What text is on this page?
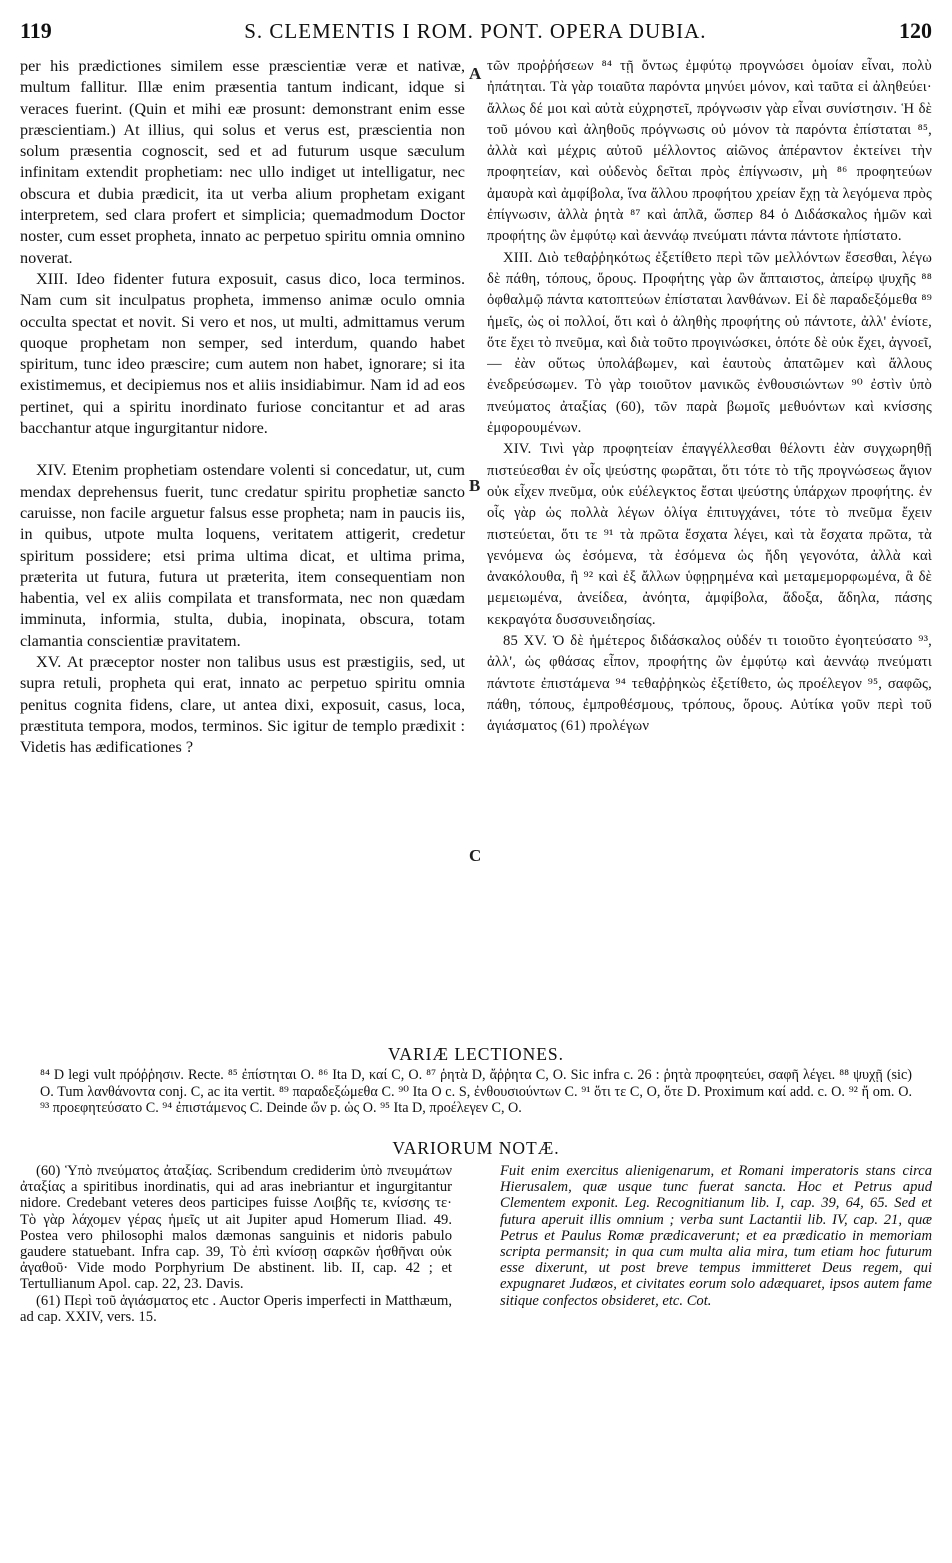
119	S. CLEMENTIS I ROM. PONT. OPERA DUBIA.	120

per his prædictiones similem esse præscientiæ veræ et nativæ, multum fallitur. Illæ enim præsentia tantum indicant, idque si veraces fuerint. (Quin et mihi eæ prosunt: demonstrant enim esse præscientiam.) At illius, qui solus et verus est, præscientia non solum præsentia cognoscit, sed et ad futurum usque sæculum infinitam extendit prophetiam: nec ullo indiget ut intelligatur, nec obscura et dubia prædicit, ita ut verba alium prophetam exigant interpretem, sed clara profert et simplicia; quemadmodum Doctor noster, cum esset propheta, innato ac perpetuo spiritu omnia omnino noverat.

XIII. Ideo fidenter futura exposuit, casus dico, loca terminos. Nam cum sit inculpatus propheta, immenso animæ oculo omnia occulta spectat et novit. Si vero et nos, ut multi, admittamus verum quoque prophetam non semper, sed interdum, quando habet spiritum, tunc ideo præscire; cum autem non habet, ignorare; si ita existimemus, et decipiemus nos et aliis insidiabimur. Nam id ad eos pertinet, qui a spiritu inordinato furiose concitantur et ad aras bacchantur atque ingurgitantur nidore.

XIV. Etenim prophetiam ostendare volenti si concedatur, ut, cum mendax deprehensus fuerit, tunc credatur spiritu prophetiæ sancto caruisse, non facile arguetur falsus esse propheta; nam in paucis iis, in quibus, utpote multa loquens, veritatem attigerit, credetur spiritum possidere; etsi prima ultima dicat, et ultima prima, præterita ut futura, futura ut præterita, item consequentiam non habentia, vel ex aliis compilata et transformata, nec non quædam imminuta, informia, stulta, dubia, inopinata, obscura, totam clamantia conscientiæ pravitatem.

XV. At præceptor noster non talibus usus est præstigiis, sed, ut supra retuli, propheta qui erat, innato ac perpetuo spiritu omnia penitus cognita fidens, clare, ut antea dixi, exposuit, casus, loca, præstituta tempora, modos, terminos. Sic igitur de templo prædixit : Videtis has ædificationes ?

A
B
C

τῶν προῤῥήσεων ⁸⁴ τῇ ὄντως ἐμφύτῳ προγνώσει ὁμοίαν εἶναι, πολὺ ἠπάτηται. Τὰ γὰρ τοιαῦτα παρόντα μηνύει μόνον, καὶ ταῦτα εἰ ἀληθεύει· ἄλλως δέ μοι καὶ αὐτὰ εὐχρηστεῖ, πρόγνωσιν γὰρ εἶναι συνίστησιν. Ἡ δὲ τοῦ μόνου καὶ ἀληθοῦς πρόγνωσις οὐ μόνον τὰ παρόντα ἐπίσταται ⁸⁵, ἀλλὰ καὶ μέχρις αὐτοῦ μέλλοντος αἰῶνος ἀπέραντον ἐκτείνει τὴν προφητείαν, καὶ οὐδενὸς δεῖται πρὸς ἐπίγνωσιν, μὴ ⁸⁶ προφητεύων ἀμαυρὰ καὶ ἀμφίβολα, ἵνα ἄλλου προφήτου χρείαν ἔχῃ τὰ λεγόμενα πρὸς ἐπίγνωσιν, ἀλλὰ ῥητὰ ⁸⁷ καὶ ἁπλᾶ, ὥσπερ 84 ὁ Διδάσκαλος ἡμῶν καὶ προφήτης ὢν ἐμφύτῳ καὶ ἀεννάῳ πνεύματι πάντα πάντοτε ἠπίστατο.

XIII. Διὸ τεθαῤῥηκότως ἐξετίθετο περὶ τῶν μελλόντων ἔσεσθαι, λέγω δὲ πάθη, τόπους, ὅρους. Προφήτης γὰρ ὢν ἄπταιστος, ἀπείρῳ ψυχῆς ⁸⁸ ὀφθαλμῷ πάντα κατοπτεύων ἐπίσταται λανθάνων. Εἰ δὲ παραδεξόμεθα ⁸⁹ ἡμεῖς, ὡς οἱ πολλοί, ὅτι καὶ ὁ ἀληθὴς προφήτης οὐ πάντοτε, ἀλλ' ἐνίοτε, ὅτε ἔχει τὸ πνεῦμα, καὶ διὰ τοῦτο προγινώσκει, ὁπότε δὲ οὐκ ἔχει, ἀγνοεῖ, — ἐὰν οὕτως ὑπολάβωμεν, καὶ ἑαυτοὺς ἀπατῶμεν καὶ ἄλλους ἐνεδρεύσωμεν. Τὸ γὰρ τοιοῦτον μανικῶς ἐνθουσιώντων ⁹⁰ ἐστὶν ὑπὸ πνεύματος ἀταξίας (60), τῶν παρὰ βωμοῖς μεθυόντων καὶ κνίσσης ἐμφορουμένων.

XIV. Τινὶ γὰρ προφητείαν ἐπαγγέλλεσθαι θέλοντι ἐὰν συγχωρηθῇ πιστεύεσθαι ἐν οἷς ψεύστης φωρᾶται, ὅτι τότε τὸ τῆς προγνώσεως ἅγιον οὐκ εἶχεν πνεῦμα, οὐκ εὐέλεγκτος ἔσται ψεύστης ὑπάρχων προφήτης. ἐν οἷς γὰρ ὡς πολλὰ λέγων ὀλίγα ἐπιτυγχάνει, τότε τὸ πνεῦμα ἔχειν πιστεύεται, ὅτι τε ⁹¹ τὰ πρῶτα ἔσχατα λέγει, καὶ τὰ ἔσχατα πρῶτα, τὰ γενόμενα ὡς ἐσόμενα, τὰ ἐσόμενα ὡς ἤδη γεγονότα, ἀλλὰ καὶ ἀνακόλουθα, ἢ ⁹² καὶ ἐξ ἄλλων ὑφῃρημένα καὶ μεταμεμορφωμένα, ἃ δὲ μεμειωμένα, ἀνείδεα, ἀνόητα, ἀμφίβολα, ἄδοξα, ἄδηλα, πάσης κεκραγότα δυσσυνειδησίας.

85 XV. Ὁ δὲ ἡμέτερος διδάσκαλος οὐδέν τι τοιοῦτο ἐγοητεύσατο ⁹³, ἀλλ', ὡς φθάσας εἶπον, προφήτης ὢν ἐμφύτῳ καὶ ἀεννάῳ πνεύματι πάντοτε ἐπιστάμενα ⁹⁴ τεθαῤῥηκὼς ἐξετίθετο, ὡς προέλεγον ⁹⁵, σαφῶς, πάθη, τόπους, ἐμπροθέσμους, τρόπους, ὅρους. Αὐτίκα γοῦν περὶ τοῦ ἁγιάσματος (61) προλέγων

VARIÆ LECTIONES.

⁸⁴ D legi vult πρόῤῥησιν. Recte. ⁸⁵ ἐπίστηται O. ⁸⁶ Ita D, καί C, O. ⁸⁷ ῥητὰ D, ἄῤῥητα C, O. Sic infra c. 26 : ῥητὰ προφητεύει, σαφῆ λέγει. ⁸⁸ ψυχῇ (sic) O. Tum λανθάνοντα conj. C, ac ita vertit. ⁸⁹ παραδεξώμεθα C. ⁹⁰ Ita O c. S, ἐνθουσιούντων C. ⁹¹ ὅτι τε C, O, ὅτε D. Proximum καί add. c. O. ⁹² ἤ om. O. ⁹³ προεφητεύσατο C. ⁹⁴ ἐπιστάμενος C. Deinde ὤν p. ὡς O. ⁹⁵ Ita D, προέλεγεν C, O.

VARIORUM NOTÆ.

(60) Ὑπὸ πνεύματος ἀταξίας. Scribendum crediderim ὑπὸ πνευμάτων ἀταξίας a spiritibus inordinatis, qui ad aras inebriantur et ingurgitantur nidore. Credebant veteres deos participes fuisse Λοιβῆς τε, κνίσσης τε· Τὸ γὰρ λάχομεν γέρας ἡμεῖς ut ait Jupiter apud Homerum Iliad. 49. Postea vero philosophi malos dæmonas sanguinis et nidoris pabulo gaudere statuebant. Infra cap. 39, Τὸ ἐπὶ κνίσσῃ σαρκῶν ἡσθῆναι οὐκ ἀγαθοῦ· Vide modo Porphyrium De abstinent. lib. II, cap. 42 ; et Tertullianum Apol. cap. 22, 23. Davis.

(61) Περὶ τοῦ ἁγιάσματος etc . Auctor Operis imperfecti in Matthæum, ad cap. XXIV, vers. 15.

Fuit enim exercitus alienigenarum, et Romani imperatoris stans circa Hierusalem, quæ usque tunc fuerat sancta. Hoc et Petrus apud Clementem exponit. Leg. Recognitianum lib. I, cap. 39, 64, 65. Sed et futura aperuit illis omnium ; verba sunt Lactantii lib. IV, cap. 21, quæ Petrus et Paulus Romæ prædicaverunt; et ea prædicatio in memoriam scripta permansit; in qua cum multa alia mira, tum etiam hoc futurum esse dixerunt, ut post breve tempus immitteret Deus regem, qui expugnaret Judæos, et civitates eorum solo adæquaret, ipsos autem fame sitique confectos obsideret, etc. Cot.
